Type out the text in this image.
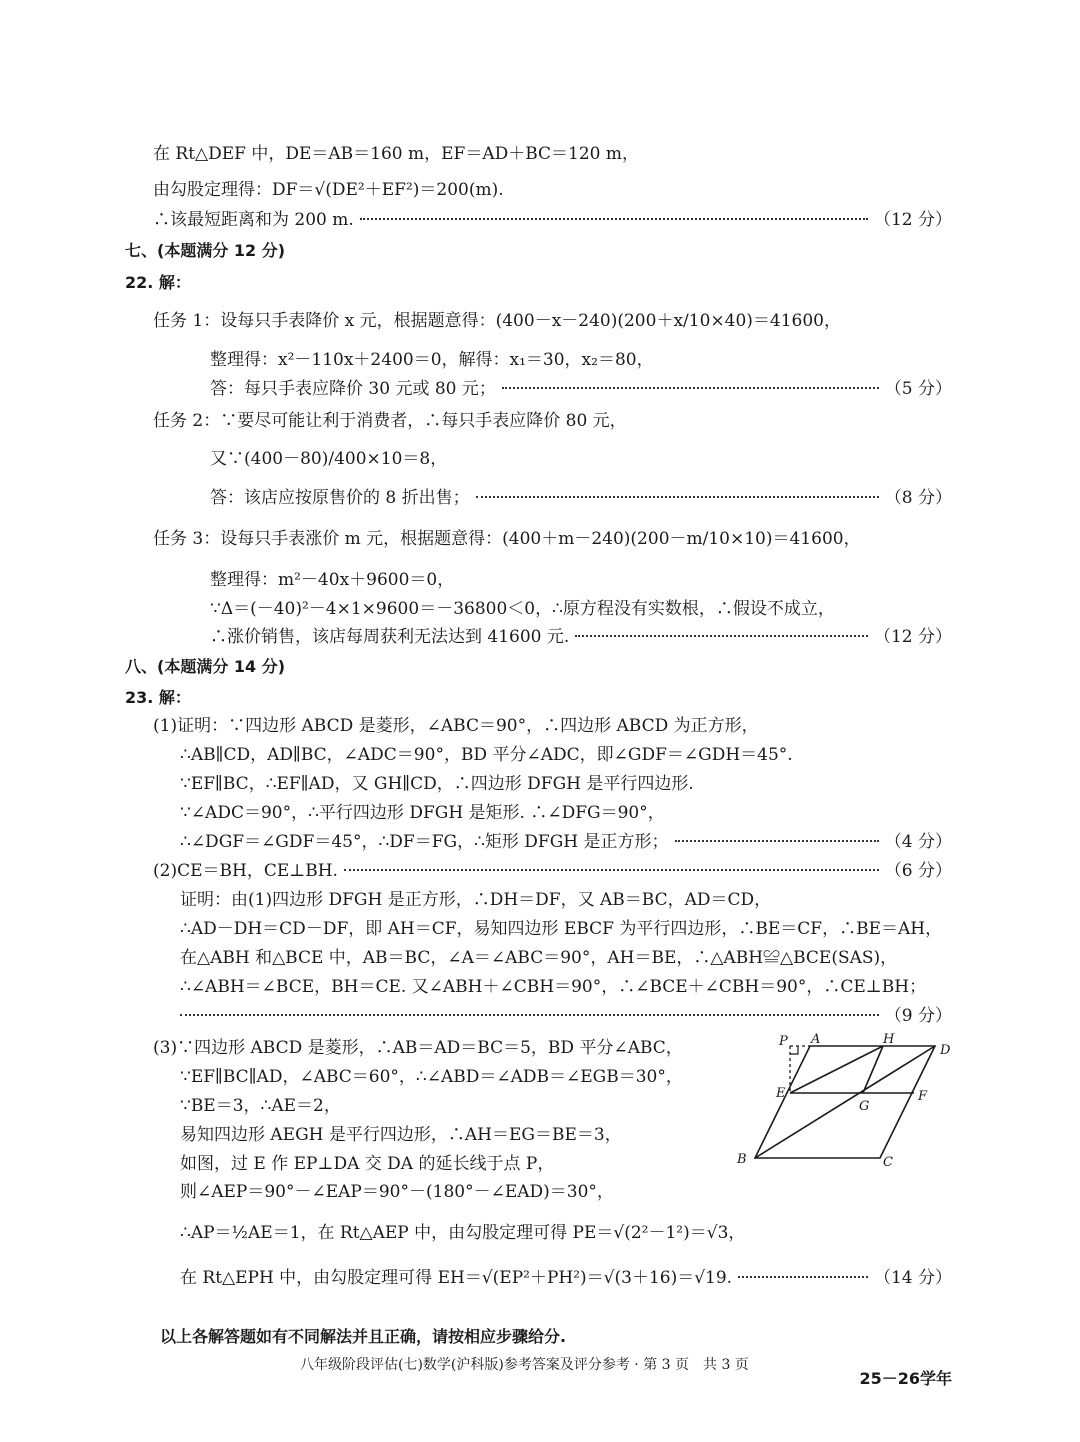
在 Rt△DEF 中，DE＝AB＝160 m，EF＝AD＋BC＝120 m，
由勾股定理得：DF＝√(DE²＋EF²)＝200(m).
∴该最短距离和为 200 m.	（12 分）
七、(本题满分 12 分)
22. 解：
任务 1：设每只手表降价 x 元，根据题意得：(400－x－240)(200＋x/10×40)＝41600，
整理得：x²－110x＋2400＝0，解得：x₁＝30，x₂＝80，
答：每只手表应降价 30 元或 80 元；	（5 分）
任务 2：∵要尽可能让利于消费者，∴每只手表应降价 80 元，
又∵(400－80)/400×10＝8，
答：该店应按原售价的 8 折出售；	（8 分）
任务 3：设每只手表涨价 m 元，根据题意得：(400＋m－240)(200－m/10×10)＝41600，
整理得：m²－40x＋9600＝0，
∵Δ＝(－40)²－4×1×9600＝－36800＜0，∴原方程没有实数根，∴假设不成立，
∴涨价销售，该店每周获利无法达到 41600 元.	（12 分）
八、(本题满分 14 分)
23. 解：
(1)证明：∵四边形 ABCD 是菱形，∠ABC＝90°，∴四边形 ABCD 为正方形，
∴AB∥CD，AD∥BC，∠ADC＝90°，BD 平分∠ADC，即∠GDF＝∠GDH＝45°.
∵EF∥BC，∴EF∥AD，又 GH∥CD，∴四边形 DFGH 是平行四边形.
∵∠ADC＝90°，∴平行四边形 DFGH 是矩形. ∴∠DFG＝90°，
∴∠DGF＝∠GDF＝45°，∴DF＝FG，∴矩形 DFGH 是正方形；	（4 分）
(2)CE＝BH，CE⊥BH.	（6 分）
证明：由(1)四边形 DFGH 是正方形，∴DH＝DF，又 AB＝BC，AD＝CD，
∴AD－DH＝CD－DF，即 AH＝CF，易知四边形 EBCF 为平行四边形，∴BE＝CF，∴BE＝AH，
在△ABH 和△BCE 中，AB＝BC，∠A＝∠ABC＝90°，AH＝BE，∴△ABH≌△BCE(SAS)，
∴∠ABH＝∠BCE，BH＝CE. 又∠ABH＋∠CBH＝90°，∴∠BCE＋∠CBH＝90°，∴CE⊥BH；
（9 分）
(3)∵四边形 ABCD 是菱形，∴AB＝AD＝BC＝5，BD 平分∠ABC，
∵EF∥BC∥AD，∠ABC＝60°，∴∠ABD＝∠ADB＝∠EGB＝30°，
∵BE＝3，∴AE＝2，
易知四边形 AEGH 是平行四边形，∴AH＝EG＝BE＝3，
如图，过 E 作 EP⊥DA 交 DA 的延长线于点 P，
则∠AEP＝90°－∠EAP＝90°－(180°－∠EAD)＝30°，
∴AP＝½AE＝1，在 Rt△AEP 中，由勾股定理可得 PE＝√(2²－1²)＝√3，
在 Rt△EPH 中，由勾股定理可得 EH＝√(EP²＋PH²)＝√(3＋16)＝√19.	（14 分）
P A	H
D
E
G
F
B	C
以上各解答题如有不同解法并且正确，请按相应步骤给分.
八年级阶段评估(七)数学(沪科版)参考答案及评分参考 · 第 3 页　共 3 页
25－26学年
